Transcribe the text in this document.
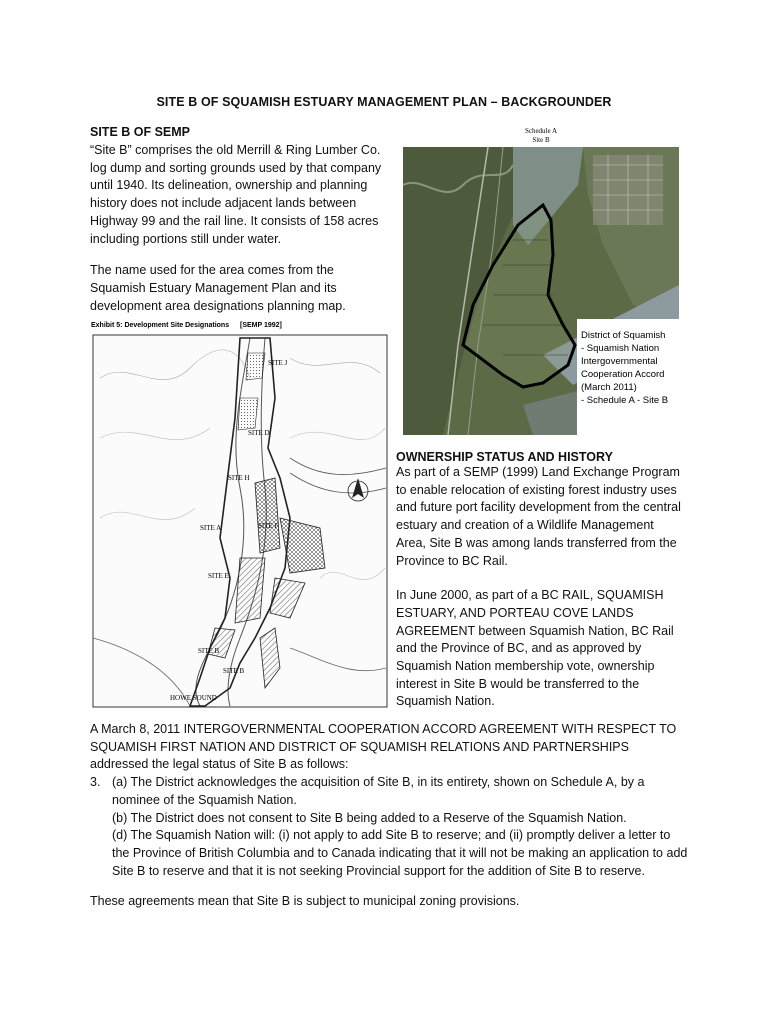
SITE B OF SQUAMISH ESTUARY MANAGEMENT PLAN – BACKGROUNDER
SITE B OF SEMP

“Site B” comprises the old Merrill & Ring Lumber Co. log dump and sorting grounds used by that company until 1940. Its delineation, ownership and planning history does not include adjacent lands between Highway 99 and the rail line. It consists of 158 acres including portions still under water.

The name used for the area comes from the Squamish Estuary Management Plan and its development area designations planning map.

Exhibit 5: Development Site Designations [SEMP 1992]
SITE J
SITE D
SITE H
SITE A	SITE F
SITE E
SITE B
SITE B
HOWE SOUND
Schedule A
Site B
District of Squamish
- Squamish Nation
Intergovernmental
Cooperation Accord
(March 2011)
- Schedule A - Site B
OWNERSHIP STATUS AND HISTORY

As part of a SEMP (1999) Land Exchange Program to enable relocation of existing forest industry uses and future port facility development from the central estuary and creation of a Wildlife Management Area, Site B was among lands transferred from the Province to BC Rail.

In June 2000, as part of a BC RAIL, SQUAMISH ESTUARY, AND PORTEAU COVE LANDS AGREEMENT between Squamish Nation, BC Rail and the Province of BC, and as approved by Squamish Nation membership vote, ownership interest in Site B would be transferred to the Squamish Nation.

A March 8, 2011 INTERGOVERNMENTAL COOPERATION ACCORD AGREEMENT WITH RESPECT TO SQUAMISH FIRST NATION AND DISTRICT OF SQUAMISH RELATIONS AND PARTNERSHIPS addressed the legal status of Site B as follows:

3. (a) The District acknowledges the acquisition of Site B, in its entirety, shown on Schedule A, by a nominee of the Squamish Nation.
(b) The District does not consent to Site B being added to a Reserve of the Squamish Nation.
(d) The Squamish Nation will: (i) not apply to add Site B to reserve; and (ii) promptly deliver a letter to the Province of British Columbia and to Canada indicating that it will not be making an application to add Site B to reserve and that it is not seeking Provincial support for the addition of Site B to reserve.

These agreements mean that Site B is subject to municipal zoning provisions.
